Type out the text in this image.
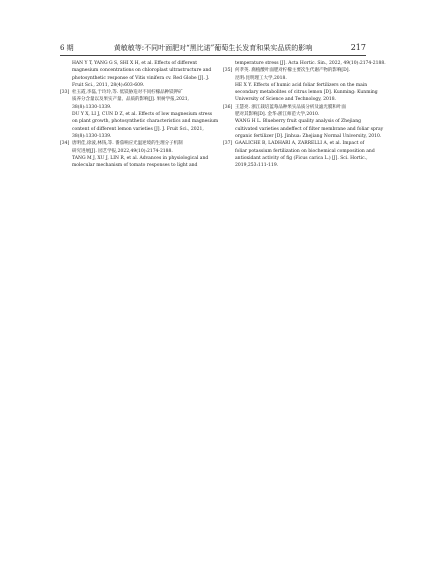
6 期	黄敏敏等:不同叶面肥对“黑比诺”葡萄生长发育和果实品质的影响	217
HAN Y T, YANG G S, SHI X H, et al. Effects of different
magnesium concentrations on chloroplast ultrastructure and
photosynthetic response of Vitis vinifera cv. Red Globe [J]. J.
Fruit Sci., 2011, 28(4):603-609.
[33] 杜玉霞,李磊,于玲玲,等. 低镁胁迫对不同柠檬品种镁钾矿
质养分含量以及果实产量、品质的影响[J]. 果树学报,2021,
38(8):1330-1339.
DU Y X, LI J, CUN D Z, et al. Effects of low magnesium stress
on plant growth, photosynthetic characteristics and magnesium
content of different lemon varieties [J]. J. Fruit Sci., 2021,
38(8):1330-1339.
[34] 唐明佳,徐波,林钱,等. 番茄响应光温逆境的生理分子机制
研究进展[J]. 园艺学报,2022,49(10):2174-2188.
TANG M J, XU J, LIN R, et al. Advances in physiological and
molecular mechanism of tomato responses to light and
temperature stress [J]. Acta Hortic. Sin., 2022, 49(10):2174-2188.
[35] 何孝英. 腐植酸叶面肥对柠檬主要次生代谢产物的影响[D].
昆明:昆明理工大学,2018.
HE X Y. Effects of humic acid foliar fertilizers on the main
secondary metabolites of citrus lemon [D]. Kunming: Kunming
University of Science and Technology, 2018.
[36] 王慧亮. 浙江栽培蓝莓品种果实品质分析及滤光膜和叶面
肥对其影响[D]. 金华:浙江师范大学,2010.
WANG H L. Blueberry fruit quality analysis of Zhejiang
cultivated varieties andeffect of filter membrane and foliar spray
organic fertilizer [D]. Jinhua: Zhejiang Normal University, 2010.
[37] GAALICHE B, LADHARI A, ZARRELLI A, et al. Impact of
foliar potassium fertilization on biochemical composition and
antioxidant activity of fig (Ficus carica L.) [J]. Sci. Hortic.,
2019,253:111-119.
